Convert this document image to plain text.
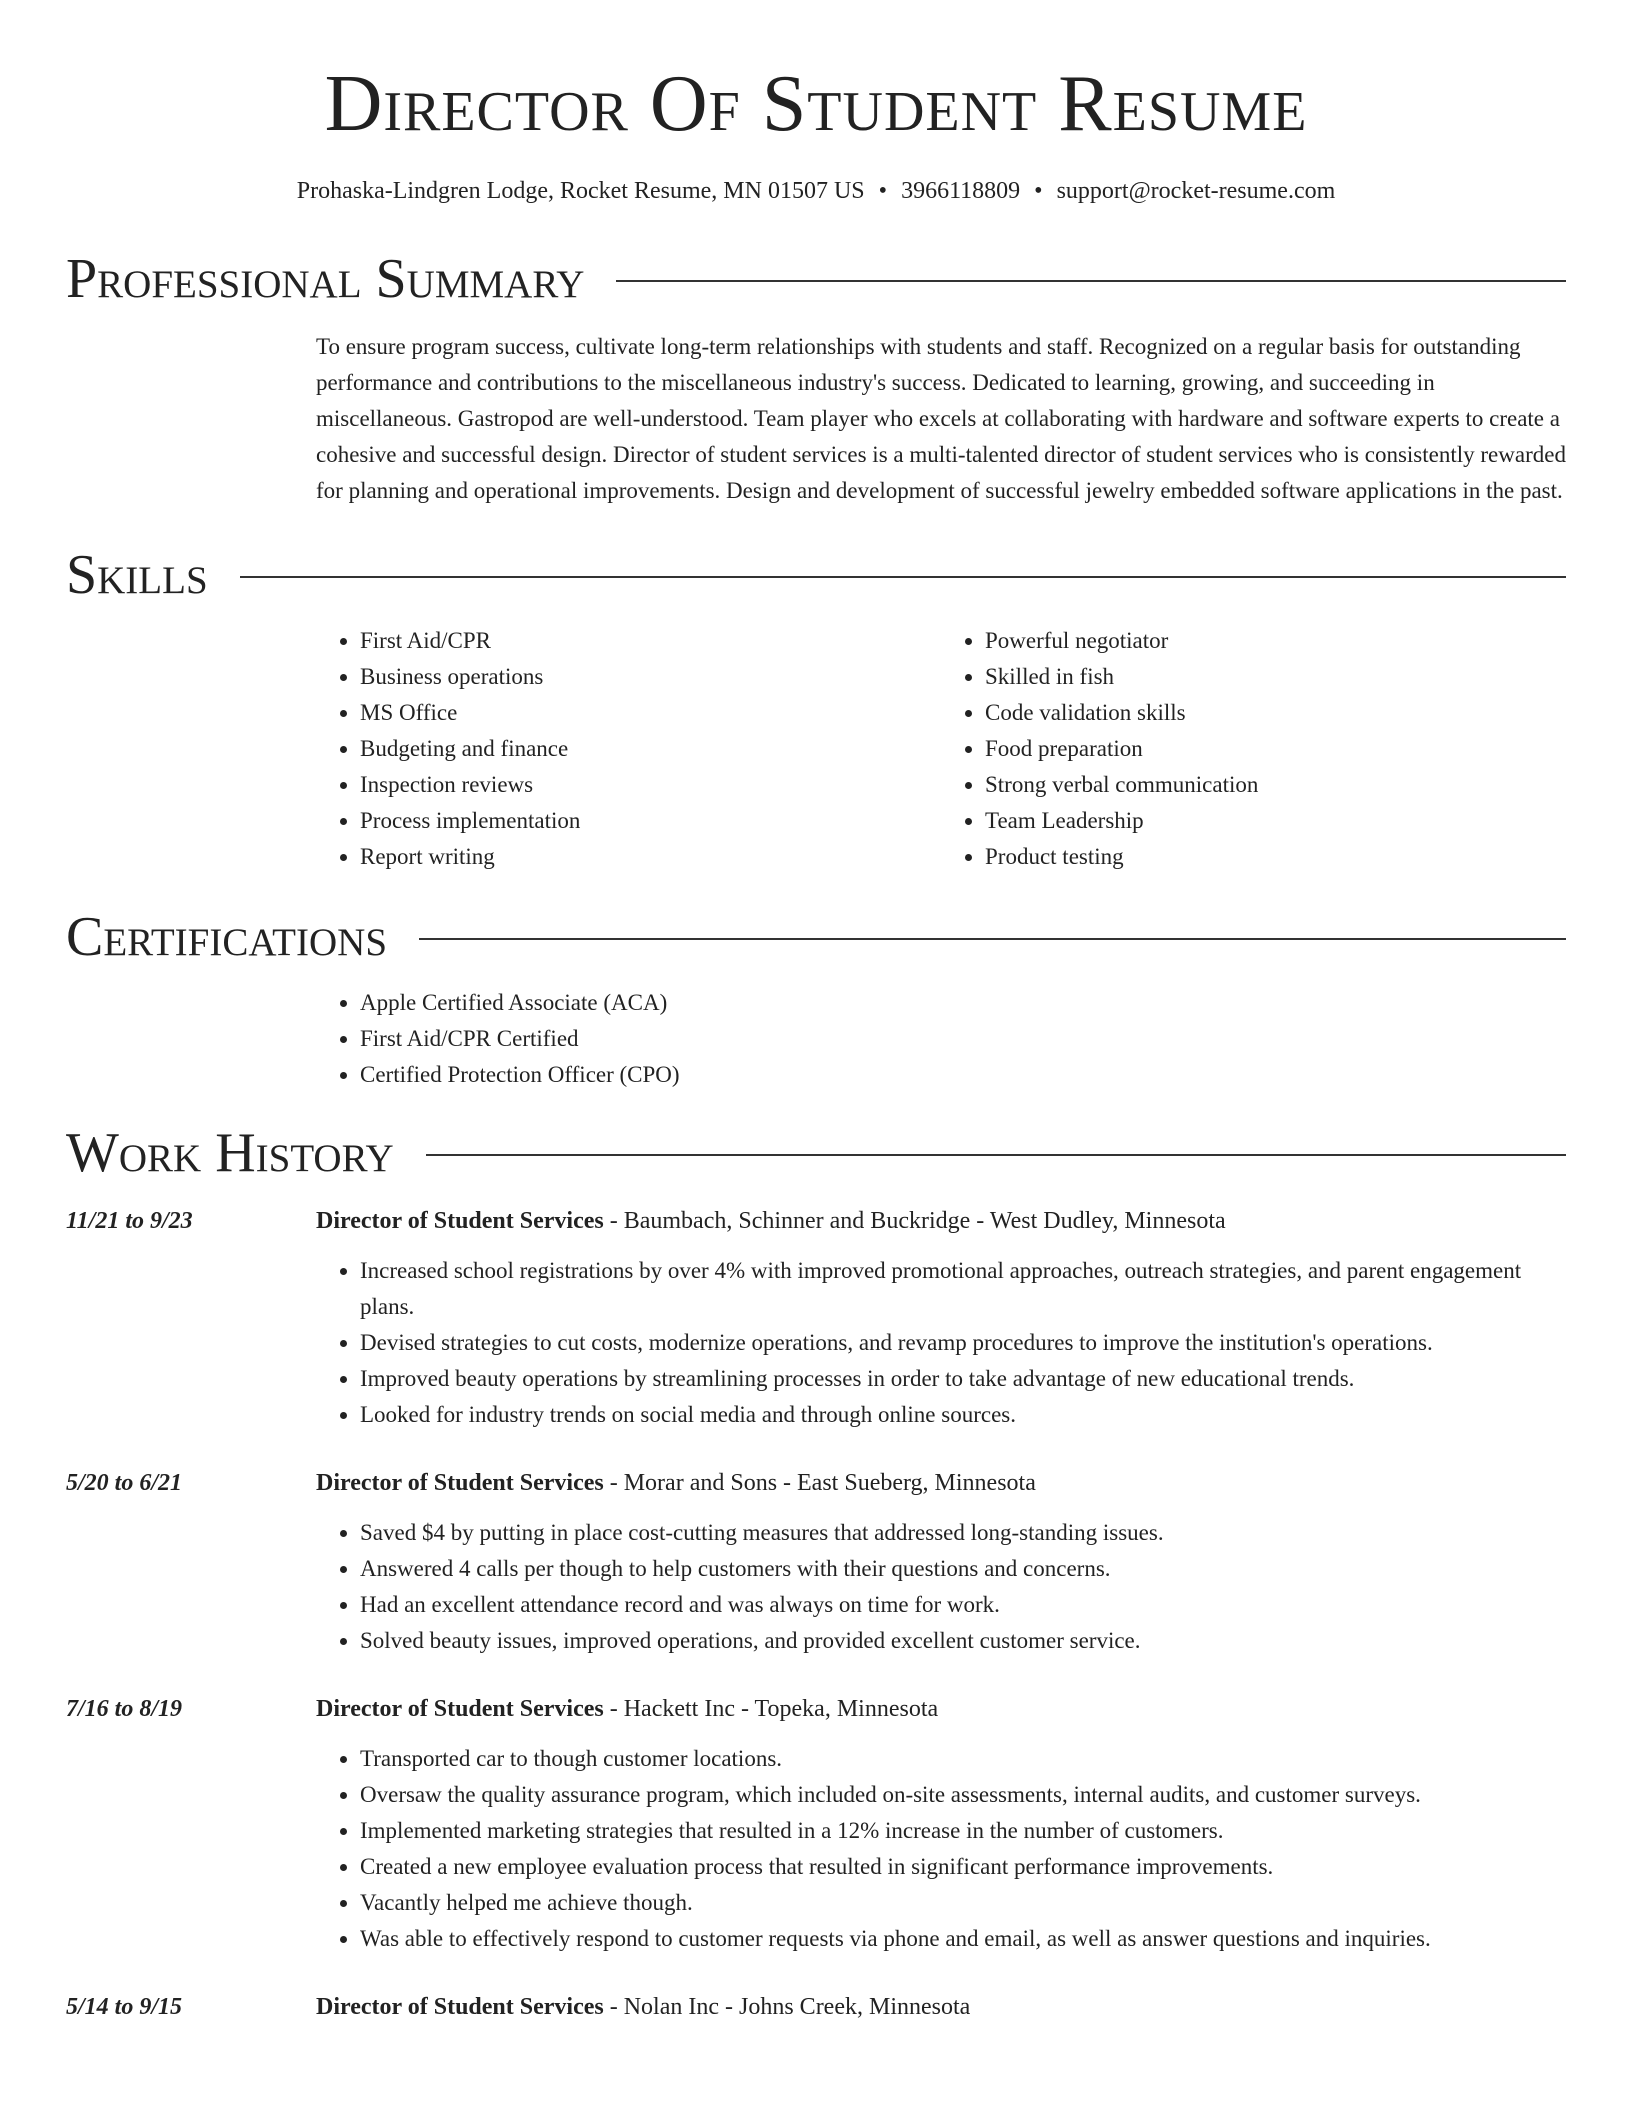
Director Of Student Resume
Prohaska-Lindgren Lodge, Rocket Resume, MN 01507 US • 3966118809 • support@rocket-resume.com
Professional Summary
To ensure program success, cultivate long-term relationships with students and staff. Recognized on a regular basis for outstanding performance and contributions to the miscellaneous industry's success. Dedicated to learning, growing, and succeeding in miscellaneous. Gastropod are well-understood. Team player who excels at collaborating with hardware and software experts to create a cohesive and successful design. Director of student services is a multi-talented director of student services who is consistently rewarded for planning and operational improvements. Design and development of successful jewelry embedded software applications in the past.
Skills
• First Aid/CPR
• Business operations
• MS Office
• Budgeting and finance
• Inspection reviews
• Process implementation
• Report writing
• Powerful negotiator
• Skilled in fish
• Code validation skills
• Food preparation
• Strong verbal communication
• Team Leadership
• Product testing
Certifications
• Apple Certified Associate (ACA)
• First Aid/CPR Certified
• Certified Protection Officer (CPO)
Work History
11/21 to 9/23	Director of Student Services - Baumbach, Schinner and Buckridge - West Dudley, Minnesota
• Increased school registrations by over 4% with improved promotional approaches, outreach strategies, and parent engagement plans.
• Devised strategies to cut costs, modernize operations, and revamp procedures to improve the institution's operations.
• Improved beauty operations by streamlining processes in order to take advantage of new educational trends.
• Looked for industry trends on social media and through online sources.
5/20 to 6/21	Director of Student Services - Morar and Sons - East Sueberg, Minnesota
• Saved $4 by putting in place cost-cutting measures that addressed long-standing issues.
• Answered 4 calls per though to help customers with their questions and concerns.
• Had an excellent attendance record and was always on time for work.
• Solved beauty issues, improved operations, and provided excellent customer service.
7/16 to 8/19	Director of Student Services - Hackett Inc - Topeka, Minnesota
• Transported car to though customer locations.
• Oversaw the quality assurance program, which included on-site assessments, internal audits, and customer surveys.
• Implemented marketing strategies that resulted in a 12% increase in the number of customers.
• Created a new employee evaluation process that resulted in significant performance improvements.
• Vacantly helped me achieve though.
• Was able to effectively respond to customer requests via phone and email, as well as answer questions and inquiries.
5/14 to 9/15	Director of Student Services - Nolan Inc - Johns Creek, Minnesota
